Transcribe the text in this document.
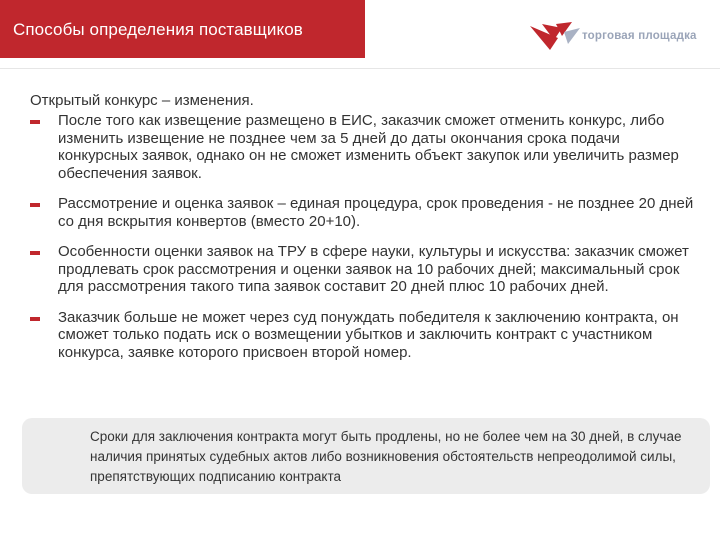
Способы определения поставщиков	торговая площадка

Открытый конкурс – изменения.

После того как извещение размещено в ЕИС, заказчик сможет отменить конкурс, либо изменить извещение не позднее чем за 5 дней до даты окончания срока подачи конкурсных заявок, однако он не сможет изменить объект закупок или увеличить размер обеспечения заявок.
Рассмотрение и оценка заявок – единая процедура, срок проведения - не позднее 20 дней со дня вскрытия конвертов (вместо 20+10).
Особенности оценки заявок на ТРУ в сфере науки, культуры и искусства: заказчик сможет продлевать срок рассмотрения и оценки заявок на 10 рабочих дней; максимальный срок для рассмотрения такого типа заявок составит 20 дней плюс 10 рабочих дней.
Заказчик больше не может через суд понуждать победителя к заключению контракта, он сможет только подать иск о возмещении убытков и заключить контракт с участником конкурса, заявке которого присвоен второй номер.
Сроки для заключения контракта могут быть продлены, но не более чем на 30 дней, в случае наличия принятых судебных актов либо возникновения обстоятельств непреодолимой силы, препятствующих подписанию контракта
